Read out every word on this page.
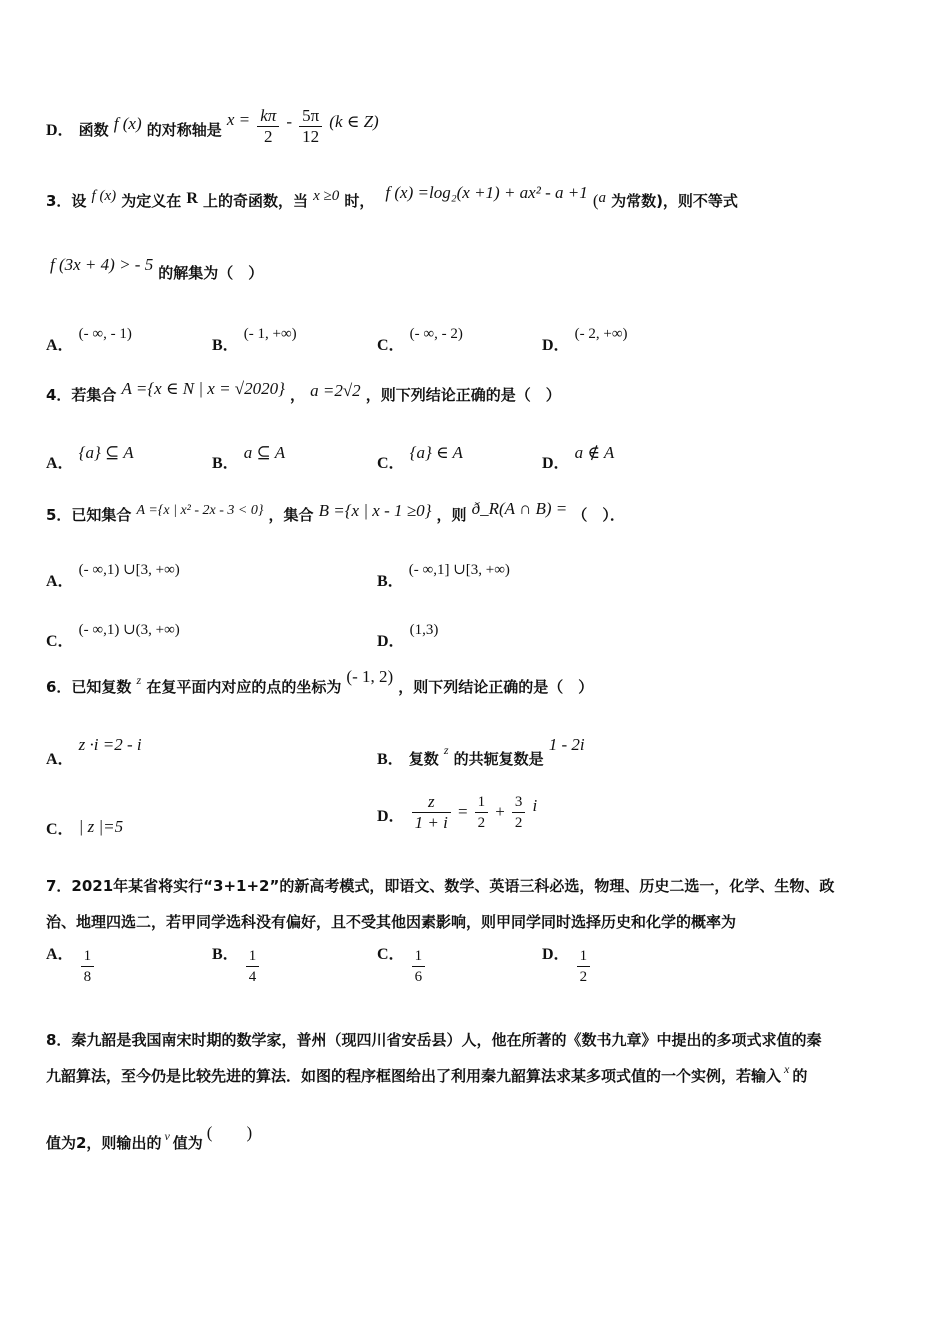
D． 函数 f (x) 的对称轴是 $x = \frac{k\pi}{2} - \frac{5\pi}{12} (k$ ∈ Z)
3．设 f (x) 为定义在 R 上的奇函数，当 x ≥0 时， f (x) =log₂(x +1) + ax² - a +1 (a 为常数)，则不等式
f (3x + 4) > - 5 的解集为（　）
A． (- ∞, - 1)
B． (- 1, +∞)
C． (- ∞, - 2)
D． (- 2, +∞)
4．若集合 A ={x ∈ N | x = √2020} ， a =2√2 ，则下列结论正确的是（　）
A． {a} ⊆ A
B． a ⊆ A
C． {a} ∈ A
D． a ∉ A
5．已知集合 A ={x | x² - 2x - 3 < 0} ，集合 B ={x | x - 1 ≥0} ，则 ð_R(A ∩ B) = （　）．
A． (- ∞,1) ∪[3, +∞)
B． (- ∞,1] ∪[3, +∞)
C． (- ∞,1) ∪(3, +∞)
D． (1,3)
6．已知复数 $^z$ 在复平面内对应的点的坐标为 (- 1, 2) ，则下列结论正确的是（　）
A． z ·i =2 - i
B． 复数 $_z$ 的共轭复数是 1 - 2i
C． | z |=5
D． $\frac{z}{1 + i} = \frac{1}{2} + \frac{3}{2}$ i
7．2021年某省将实行“3+1+2”的新高考模式，即语文、数学、英语三科必选，物理、历史二选一，化学、生物、政
治、地理四选二，若甲同学选科没有偏好，且不受其他因素影响，则甲同学同时选择历史和化学的概率为
A． $\frac{1}{8}$	B． $\frac{1}{4}$	C． $\frac{1}{6}$	D． $\frac{1}{2}$
8．秦九韶是我国南宋时期的数学家，普州（现四川省安岳县）人，他在所著的《数书九章》中提出的多项式求值的秦
九韶算法，至今仍是比较先进的算法．如图的程序框图给出了利用秦九韶算法求某多项式值的一个实例，若输入 $^x$ 的
值为2，则输出的 $^v$ 值为(　　)
